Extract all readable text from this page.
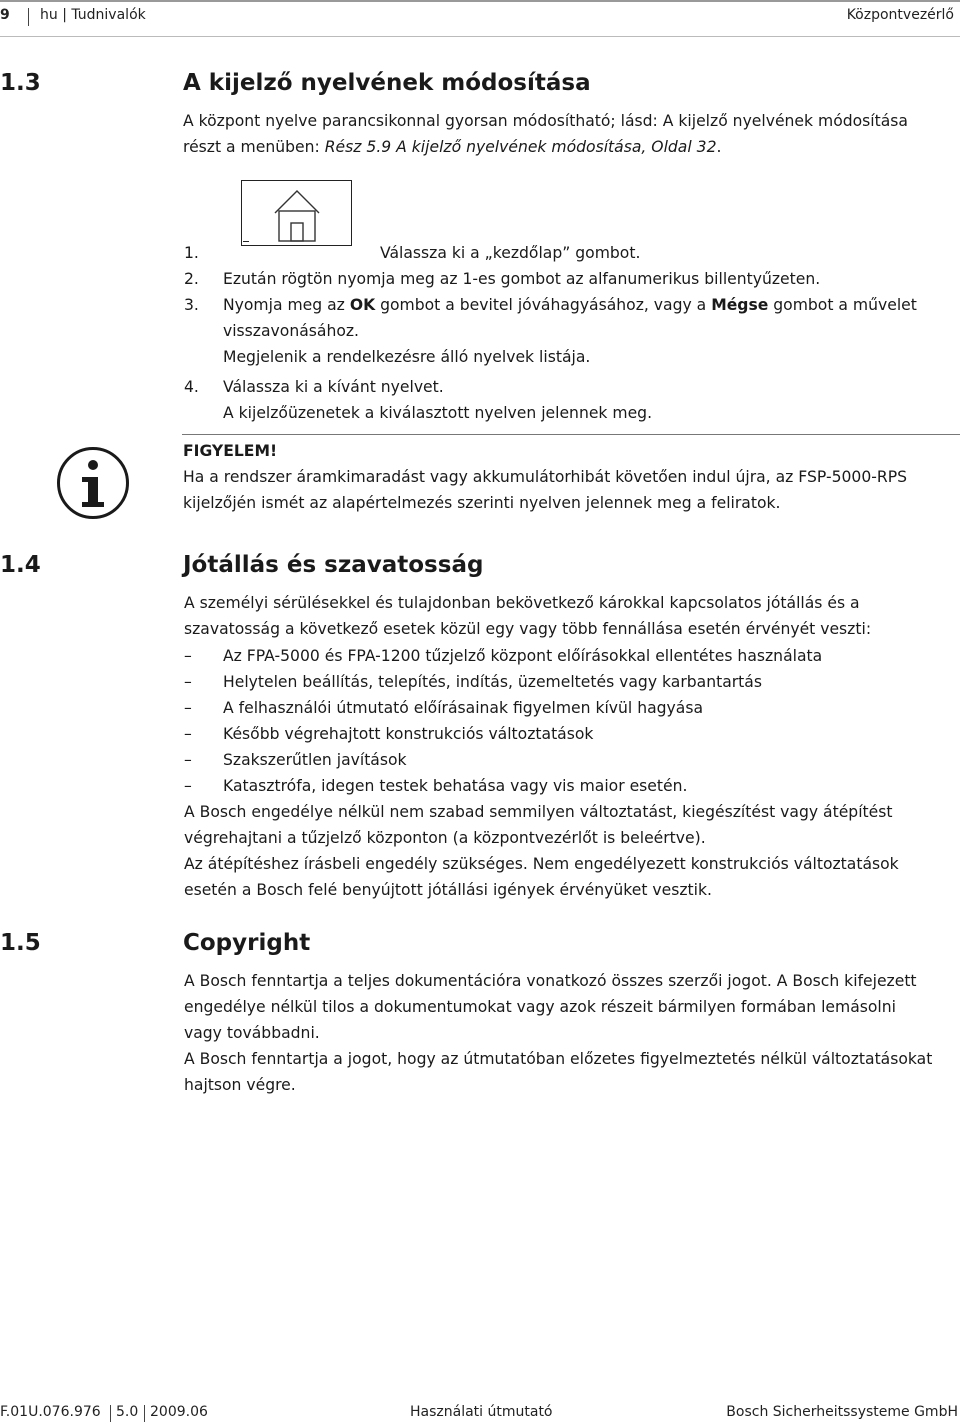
9 hu | Tudnivalók	Központvezérlő
1.3	A kijelző nyelvének módosítása
A központ nyelve parancsikonnal gyorsan módosítható; lásd: A kijelző nyelvének módosítása
részt a menüben: Rész 5.9 A kijelző nyelvének módosítása, Oldal 32.
1.	Válassza ki a „kezdőlap” gombot.
2. Ezután rögtön nyomja meg az 1-es gombot az alfanumerikus billentyűzeten.
3. Nyomja meg az OK gombot a bevitel jóváhagyásához, vagy a Mégse gombot a művelet
visszavonásához.
Megjelenik a rendelkezésre álló nyelvek listája.
4. Válassza ki a kívánt nyelvet.
A kijelzőüzenetek a kiválasztott nyelven jelennek meg.
FIGYELEM!
Ha a rendszer áramkimaradást vagy akkumulátorhibát követően indul újra, az FSP-5000-RPS
kijelzőjén ismét az alapértelmezés szerinti nyelven jelennek meg a feliratok.
1.4	Jótállás és szavatosság
A személyi sérülésekkel és tulajdonban bekövetkező károkkal kapcsolatos jótállás és a
szavatosság a következő esetek közül egy vagy több fennállása esetén érvényét veszti:
– Az FPA-5000 és FPA-1200 tűzjelző központ előírásokkal ellentétes használata
– Helytelen beállítás, telepítés, indítás, üzemeltetés vagy karbantartás
– A felhasználói útmutató előírásainak figyelmen kívül hagyása
– Később végrehajtott konstrukciós változtatások
– Szakszerűtlen javítások
– Katasztrófa, idegen testek behatása vagy vis maior esetén.
A Bosch engedélye nélkül nem szabad semmilyen változtatást, kiegészítést vagy átépítést
végrehajtani a tűzjelző központon (a központvezérlőt is beleértve).
Az átépítéshez írásbeli engedély szükséges. Nem engedélyezett konstrukciós változtatások
esetén a Bosch felé benyújtott jótállási igények érvényüket vesztik.
1.5	Copyright
A Bosch fenntartja a teljes dokumentációra vonatkozó összes szerzői jogot. A Bosch kifejezett
engedélye nélkül tilos a dokumentumokat vagy azok részeit bármilyen formában lemásolni
vagy továbbadni.
A Bosch fenntartja a jogot, hogy az útmutatóban előzetes figyelmeztetés nélkül változtatásokat
hajtson végre.
F.01U.076.976 5.0 2009.06	Használati útmutató	Bosch Sicherheitssysteme GmbH
